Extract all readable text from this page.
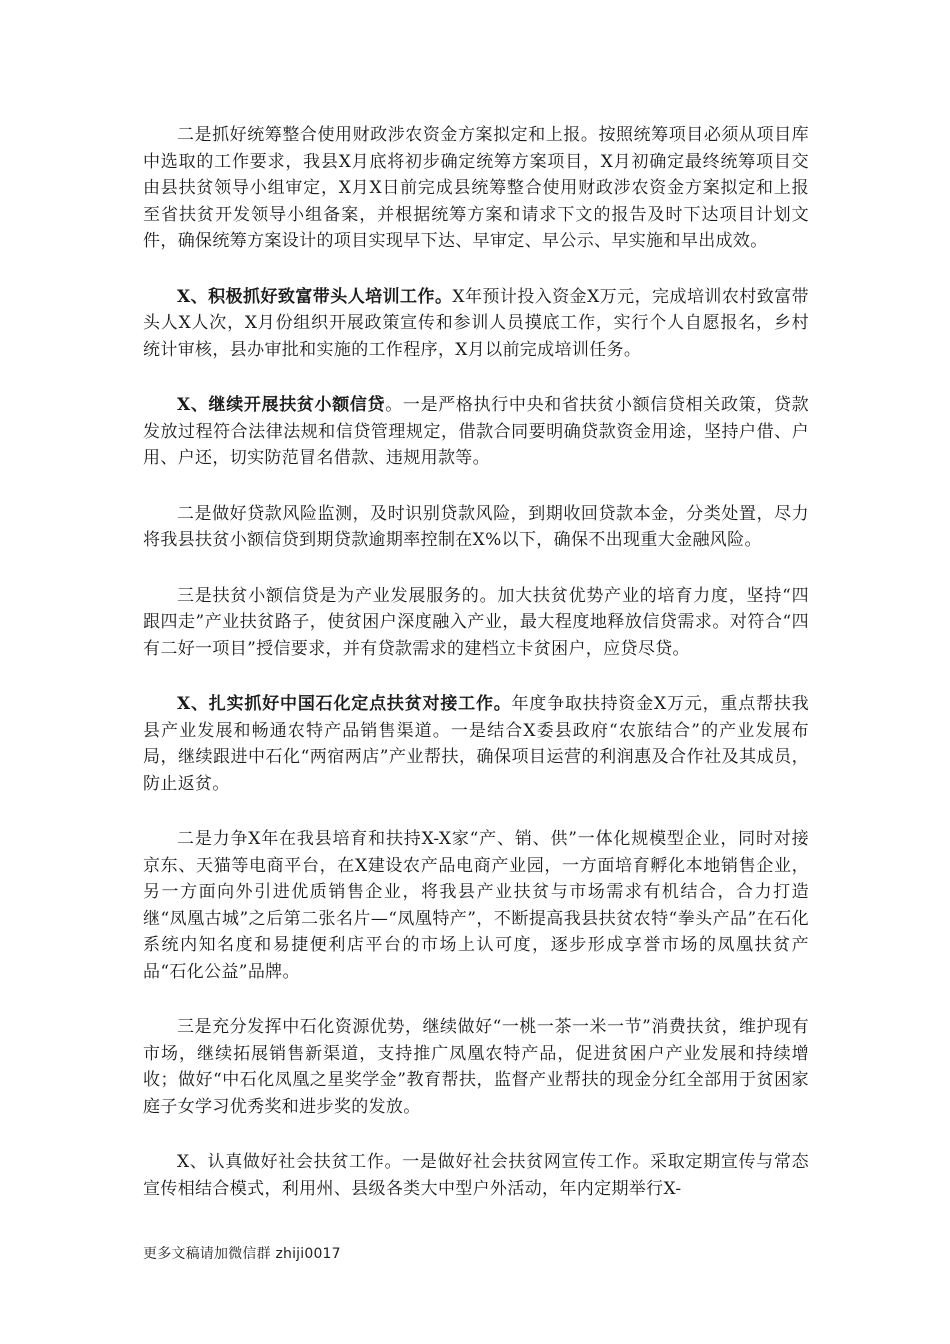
二是抓好统筹整合使用财政涉农资金方案拟定和上报。按照统筹项目必须从项目库中选取的工作要求，我县X月底将初步确定统筹方案项目，X月初确定最终统筹项目交由县扶贫领导小组审定，X月X日前完成县统筹整合使用财政涉农资金方案拟定和上报至省扶贫开发领导小组备案，并根据统筹方案和请求下文的报告及时下达项目计划文件，确保统筹方案设计的项目实现早下达、早审定、早公示、早实施和早出成效。

X、积极抓好致富带头人培训工作。X年预计投入资金X万元，完成培训农村致富带头人X人次，X月份组织开展政策宣传和参训人员摸底工作，实行个人自愿报名，乡村统计审核，县办审批和实施的工作程序，X月以前完成培训任务。

X、继续开展扶贫小额信贷。一是严格执行中央和省扶贫小额信贷相关政策，贷款发放过程符合法律法规和信贷管理规定，借款合同要明确贷款资金用途，坚持户借、户用、户还，切实防范冒名借款、违规用款等。

二是做好贷款风险监测，及时识别贷款风险，到期收回贷款本金，分类处置，尽力将我县扶贫小额信贷到期贷款逾期率控制在X%以下，确保不出现重大金融风险。

三是扶贫小额信贷是为产业发展服务的。加大扶贫优势产业的培育力度，坚持“四跟四走”产业扶贫路子，使贫困户深度融入产业，最大程度地释放信贷需求。对符合“四有二好一项目”授信要求，并有贷款需求的建档立卡贫困户，应贷尽贷。

X、扎实抓好中国石化定点扶贫对接工作。年度争取扶持资金X万元，重点帮扶我县产业发展和畅通农特产品销售渠道。一是结合X委县政府“农旅结合”的产业发展布局，继续跟进中石化“两宿两店”产业帮扶，确保项目运营的利润惠及合作社及其成员，防止返贫。

二是力争X年在我县培育和扶持X-X家“产、销、供”一体化规模型企业，同时对接京东、天猫等电商平台，在X建设农产品电商产业园，一方面培育孵化本地销售企业，另一方面向外引进优质销售企业，将我县产业扶贫与市场需求有机结合，合力打造继“凤凰古城”之后第二张名片—“凤凰特产”，不断提高我县扶贫农特“拳头产品”在石化系统内知名度和易捷便利店平台的市场上认可度，逐步形成享誉市场的凤凰扶贫产品“石化公益”品牌。

三是充分发挥中石化资源优势，继续做好“一桃一茶一米一节”消费扶贫，维护现有市场，继续拓展销售新渠道，支持推广凤凰农特产品，促进贫困户产业发展和持续增收；做好“中石化凤凰之星奖学金”教育帮扶，监督产业帮扶的现金分红全部用于贫困家庭子女学习优秀奖和进步奖的发放。

X、认真做好社会扶贫工作。一是做好社会扶贫网宣传工作。采取定期宣传与常态宣传相结合模式，利用州、县级各类大中型户外活动，年内定期举行X-

更多文稿请加微信群 zhiji0017
